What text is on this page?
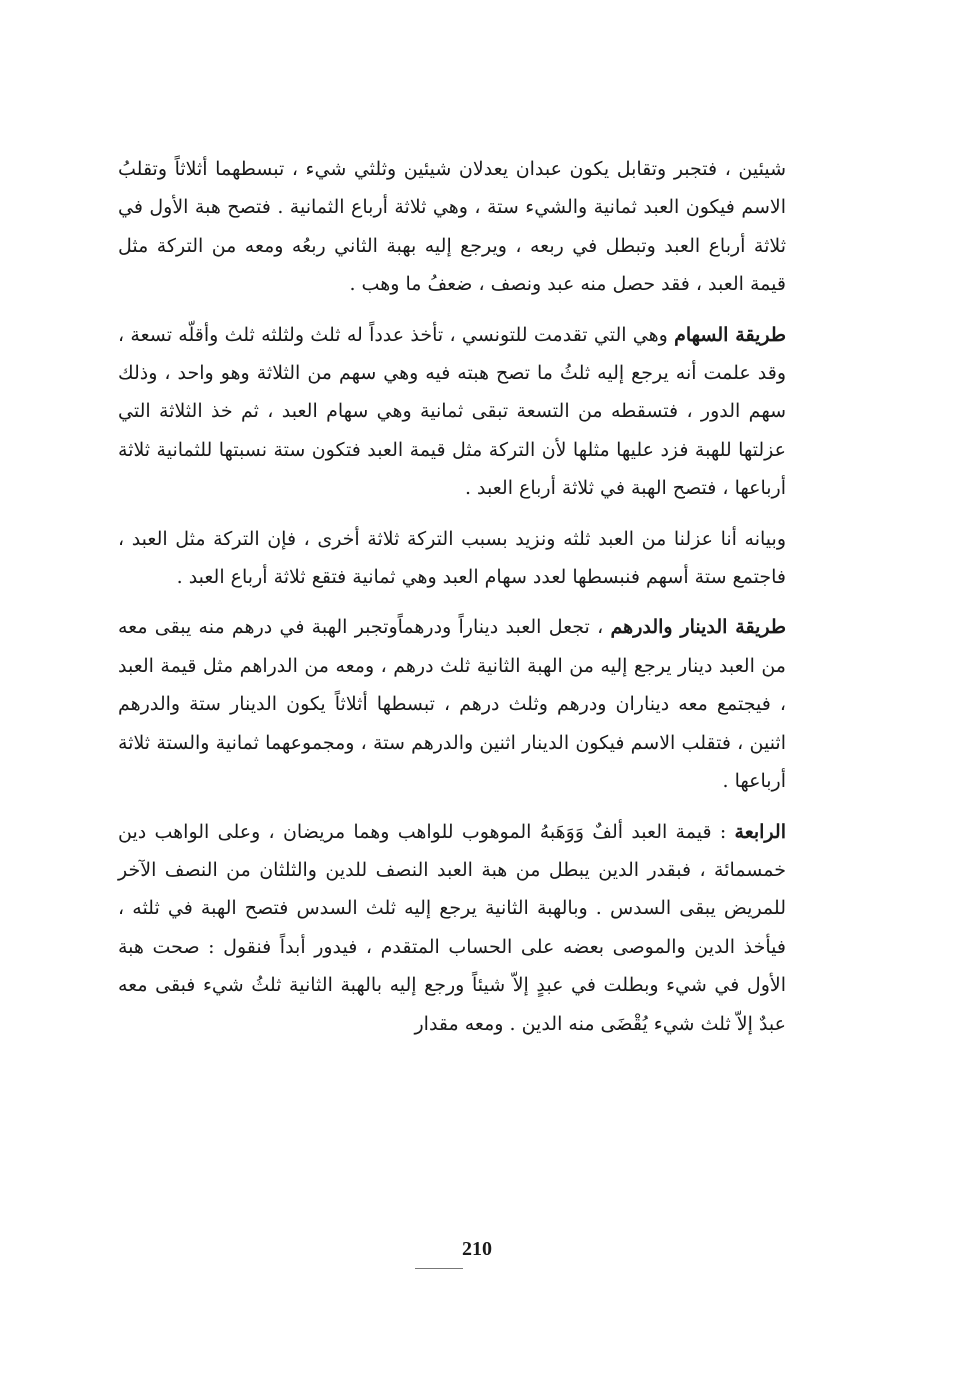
شيئين ، فتجبر وتقابل يكون عبدان يعدلان شيئين وثلثي شيء ، تبسطهما أثلاثاً وتقلبُ الاسم فيكون العبد ثمانية والشيء ستة ، وهي ثلاثة أرباع الثمانية . فتصح هبة الأول في ثلاثة أرباع العبد وتبطل في ربعه ، ويرجع إليه بهبة الثاني ربعُه ومعه من التركة مثل قيمة العبد ، فقد حصل منه عبد ونصف ، ضعفُ ما وهب .

طريقة السهام وهي التي تقدمت للتونسي ، تأخذ عدداً له ثلث ولثلثه ثلث وأقلّه تسعة ، وقد علمت أنه يرجع إليه ثلثُ ما تصح هبته فيه وهي سهم من الثلاثة وهو واحد ، وذلك سهم الدور ، فتسقطه من التسعة تبقى ثمانية وهي سهام العبد ، ثم خذ الثلاثة التي عزلتها للهبة فزد عليها مثلها لأن التركة مثل قيمة العبد فتكون ستة نسبتها للثمانية ثلاثة أرباعها ، فتصح الهبة في ثلاثة أرباع العبد .

وبيانه أنا عزلنا من العبد ثلثه ونزيد بسبب التركة ثلاثة أخرى ، فإن التركة مثل العبد ، فاجتمع ستة أسهم فنبسطها لعدد سهام العبد وهي ثمانية فتقع ثلاثة أرباع العبد .

طريقة الدينار والدرهم ، تجعل العبد ديناراً ودرهماًوتجبر الهبة في درهم منه يبقى معه من العبد دينار يرجع إليه من الهبة الثانية ثلث درهم ، ومعه من الدراهم مثل قيمة العبد ، فيجتمع معه ديناران ودرهم وثلث درهم ، تبسطها أثلاثاً يكون الدينار ستة والدرهم اثنين ، فتقلب الاسم فيكون الدينار اثنين والدرهم ستة ، ومجموعهما ثمانية والستة ثلاثة أرباعها .

الرابعة : قيمة العبد ألفٌ وَوَهَبهُ الموهوب للواهب وهما مريضان ، وعلى الواهب دين خمسمائة ، فبقدر الدين يبطل من هبة العبد النصف للدين والثلثان من النصف الآخر للمريض يبقى السدس . وبالهبة الثانية يرجع إليه ثلث السدس فتصح الهبة في ثلثه ، فيأخذ الدين والموصى بعضه على الحساب المتقدم ، فيدور أبداً فنقول : صحت هبة الأول في شيء وبطلت في عبدٍ إلاّ شيئاً ورجع إليه بالهبة الثانية ثلثُ شيء فبقى معه عبدٌ إلاّ ثلث شيء يُقْضَى منه الدين . ومعه مقدار

210
